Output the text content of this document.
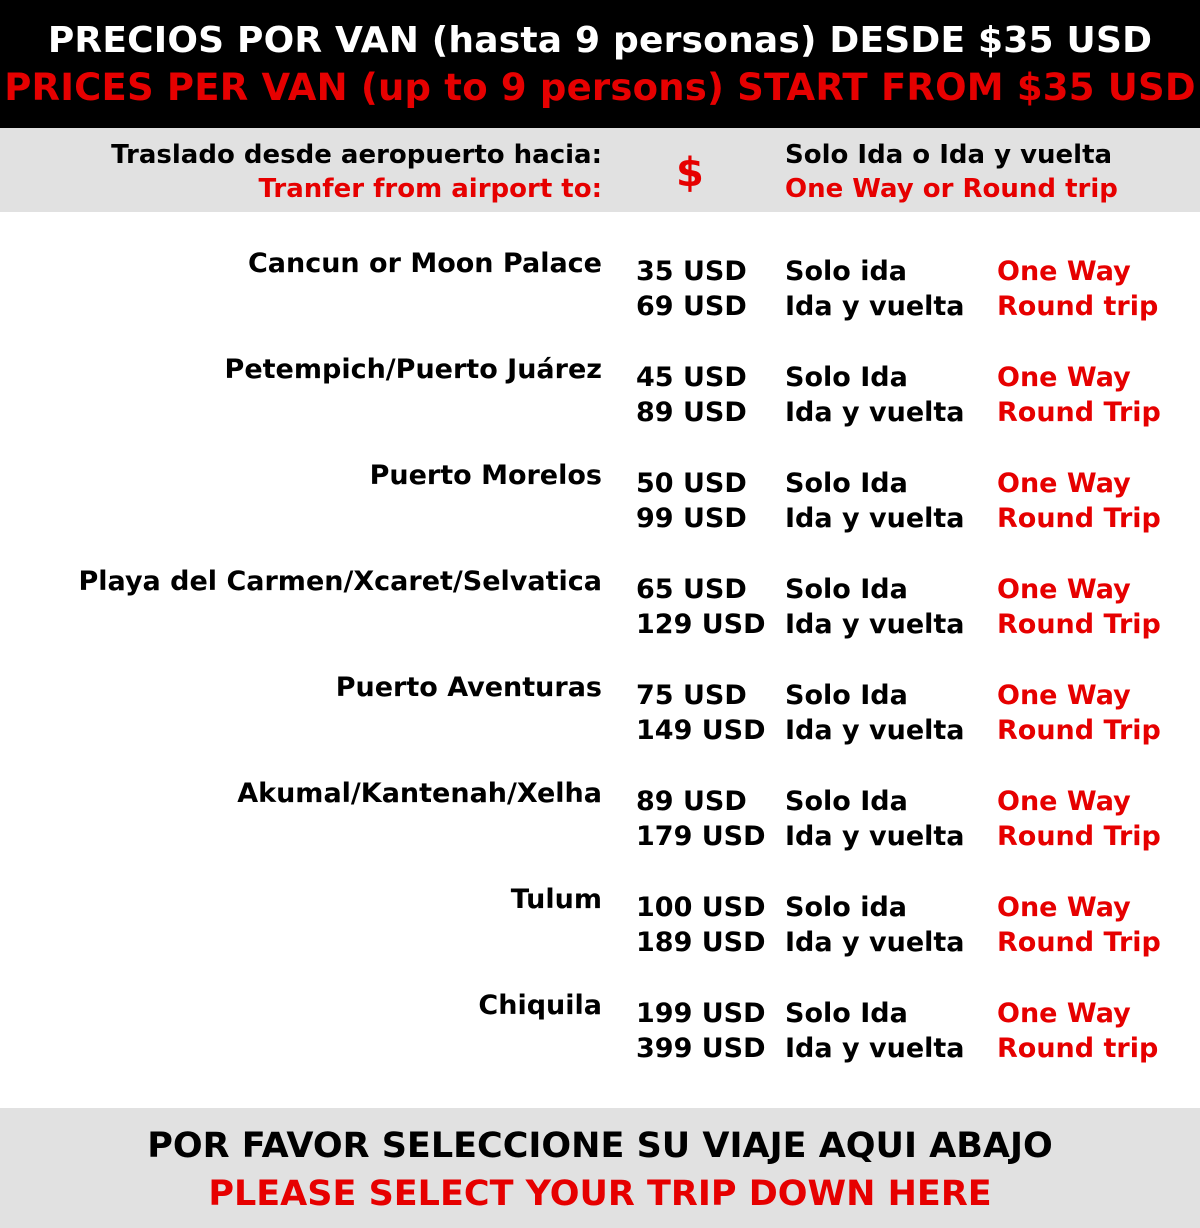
PRECIOS POR VAN (hasta 9 personas) DESDE $35 USD
PRICES PER VAN (up to 9 persons) START FROM $35 USD
Traslado desde aeropuerto hacia:
Tranfer from airport to: $	Solo Ida o Ida y vuelta
One Way or Round trip
Cancun or Moon Palace 35 USD
69 USD
Solo ida
Ida y vuelta
One Way
Round trip
Petempich/Puerto Juárez 45 USD
89 USD
Solo Ida
Ida y vuelta
One Way
Round Trip
Puerto Morelos 50 USD
99 USD
Solo Ida
Ida y vuelta
One Way
Round Trip
Playa del Carmen/Xcaret/Selvatica 65 USD
129 USD
Solo Ida
Ida y vuelta
One Way
Round Trip
Puerto Aventuras 75 USD
149 USD
Solo Ida
Ida y vuelta
One Way
Round Trip
Akumal/Kantenah/Xelha 89 USD
179 USD
Solo Ida
Ida y vuelta
One Way
Round Trip
Tulum 100 USD
189 USD
Solo ida
Ida y vuelta
One Way
Round Trip
Chiquila 199 USD
399 USD
Solo Ida
Ida y vuelta
One Way
Round trip
POR FAVOR SELECCIONE SU VIAJE AQUI ABAJO
PLEASE SELECT YOUR TRIP DOWN HERE
